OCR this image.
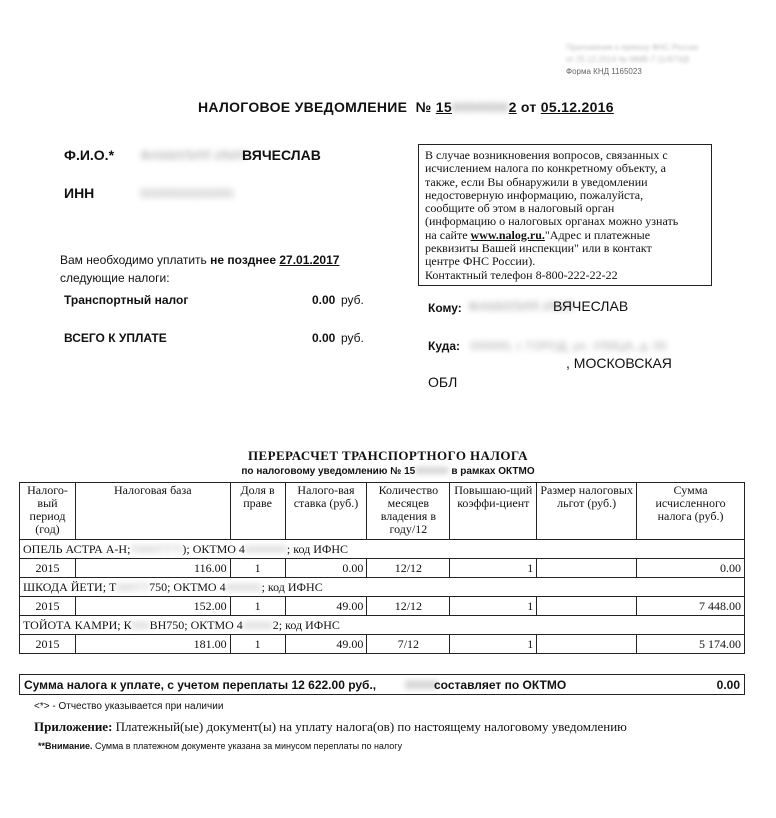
Приложение к приказу ФНС России
от 25.12.2014 № ММВ-7-11/673@
Форма КНД 1165023
НАЛОГОВОЕ УВЕДОМЛЕНИЕ № 1500000002 от 05.12.2016
Ф.И.О.* ФАМИЛИЯ ИМЯ
ВЯЧЕСЛАВ
ИНН	000000000000
В случае возникновения вопросов, связанных с
исчислением налога по конкретному объекту, а
также, если Вы обнаружили в уведомлении
недостоверную информацию, пожалуйста,
сообщите об этом в налоговый орган
(информацию о налоговых органах можно узнать
на сайте www.nalog.ru."Адрес и платежные
реквизиты Вашей инспекции" или в контакт
центре ФНС России).
Контактный телефон 8-800-222-22-22
Вам необходимо уплатить не позднее 27.01.2017
следующие налоги:
Транспортный налог	0.00 руб.
ВСЕГО К УПЛАТЕ	0.00 руб.
Кому: ФАМИЛИЯ ИМЯ
ВЯЧЕСЛАВ
Куда: 000000, г. ГОРОД, ул. УЛИЦА, д. 00
, МОСКОВСКАЯ
ОБЛ
ПЕРЕРАСЧЕТ ТРАНСПОРТНОГО НАЛОГА
по налоговому уведомлению № 15000000 в рамках ОКТМО
Налого-вый период (год)	Налоговая база	Доля в праве	Налого-вая ставка (руб.)	Количество месяцев владения в году/12	Повышаю-щий коэффи-циент	Размер налоговых льгот (руб.)	Сумма исчисленного налога (руб.)
ОПЕЛЬ АСТРА А-Н;Т000ТТ75); ОКТМО 40000000; код ИФНС							
2015	116.00	1	0.00	12/12	1		0.00
ШКОДА ЙЕТИ; Т000ТТ750; ОКТМО 4000000; код ИФНС							
2015	152.00	1	49.00	12/12	1		7 448.00
ТОЙОТА КАМРИ; К000ВН750; ОКТМО 4000002; код ИФНС							
2015	181.00	1	49.00	7/12	1		5 174.00
Сумма налога к уплате, с учетом переплаты 12 622.00 руб., 00000
составляет по ОКТМО	0.00
<*> - Отчество указывается при наличии
Приложение: Платежный(ые) документ(ы) на уплату налога(ов) по настоящему налоговому уведомлению
**Внимание. Сумма в платежном документе указана за минусом переплаты по налогу
